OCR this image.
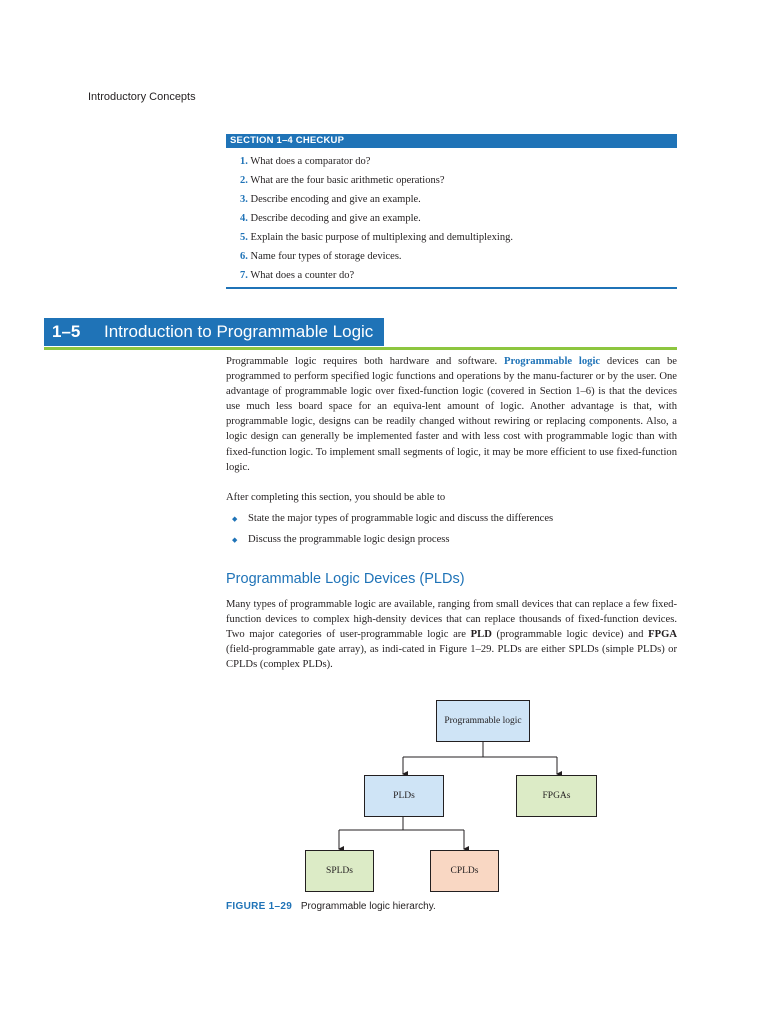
Introductory Concepts
SECTION 1–4 CHECKUP
1. What does a comparator do?
2. What are the four basic arithmetic operations?
3. Describe encoding and give an example.
4. Describe decoding and give an example.
5. Explain the basic purpose of multiplexing and demultiplexing.
6. Name four types of storage devices.
7. What does a counter do?
1–5	Introduction to Programmable Logic

Programmable logic requires both hardware and software. Programmable logic devices can be programmed to perform specified logic functions and operations by the manu-facturer or by the user. One advantage of programmable logic over fixed-function logic (covered in Section 1–6) is that the devices use much less board space for an equiva-lent amount of logic. Another advantage is that, with programmable logic, designs can be readily changed without rewiring or replacing components. Also, a logic design can generally be implemented faster and with less cost with programmable logic than with fixed-function logic. To implement small segments of logic, it may be more efficient to use fixed-function logic.

After completing this section, you should be able to

◆	State the major types of programmable logic and discuss the differences
◆	Discuss the programmable logic design process
Programmable Logic Devices (PLDs)

Many types of programmable logic are available, ranging from small devices that can replace a few fixed-function devices to complex high-density devices that can replace thousands of fixed-function devices. Two major categories of user-programmable logic are PLD (programmable logic device) and FPGA (field-programmable gate array), as indi-cated in Figure 1–29. PLDs are either SPLDs (simple PLDs) or CPLDs (complex PLDs).

Programmable logic
PLDs	FPGAs
SPLDs	CPLDs
FIGURE 1–29 Programmable logic hierarchy.
